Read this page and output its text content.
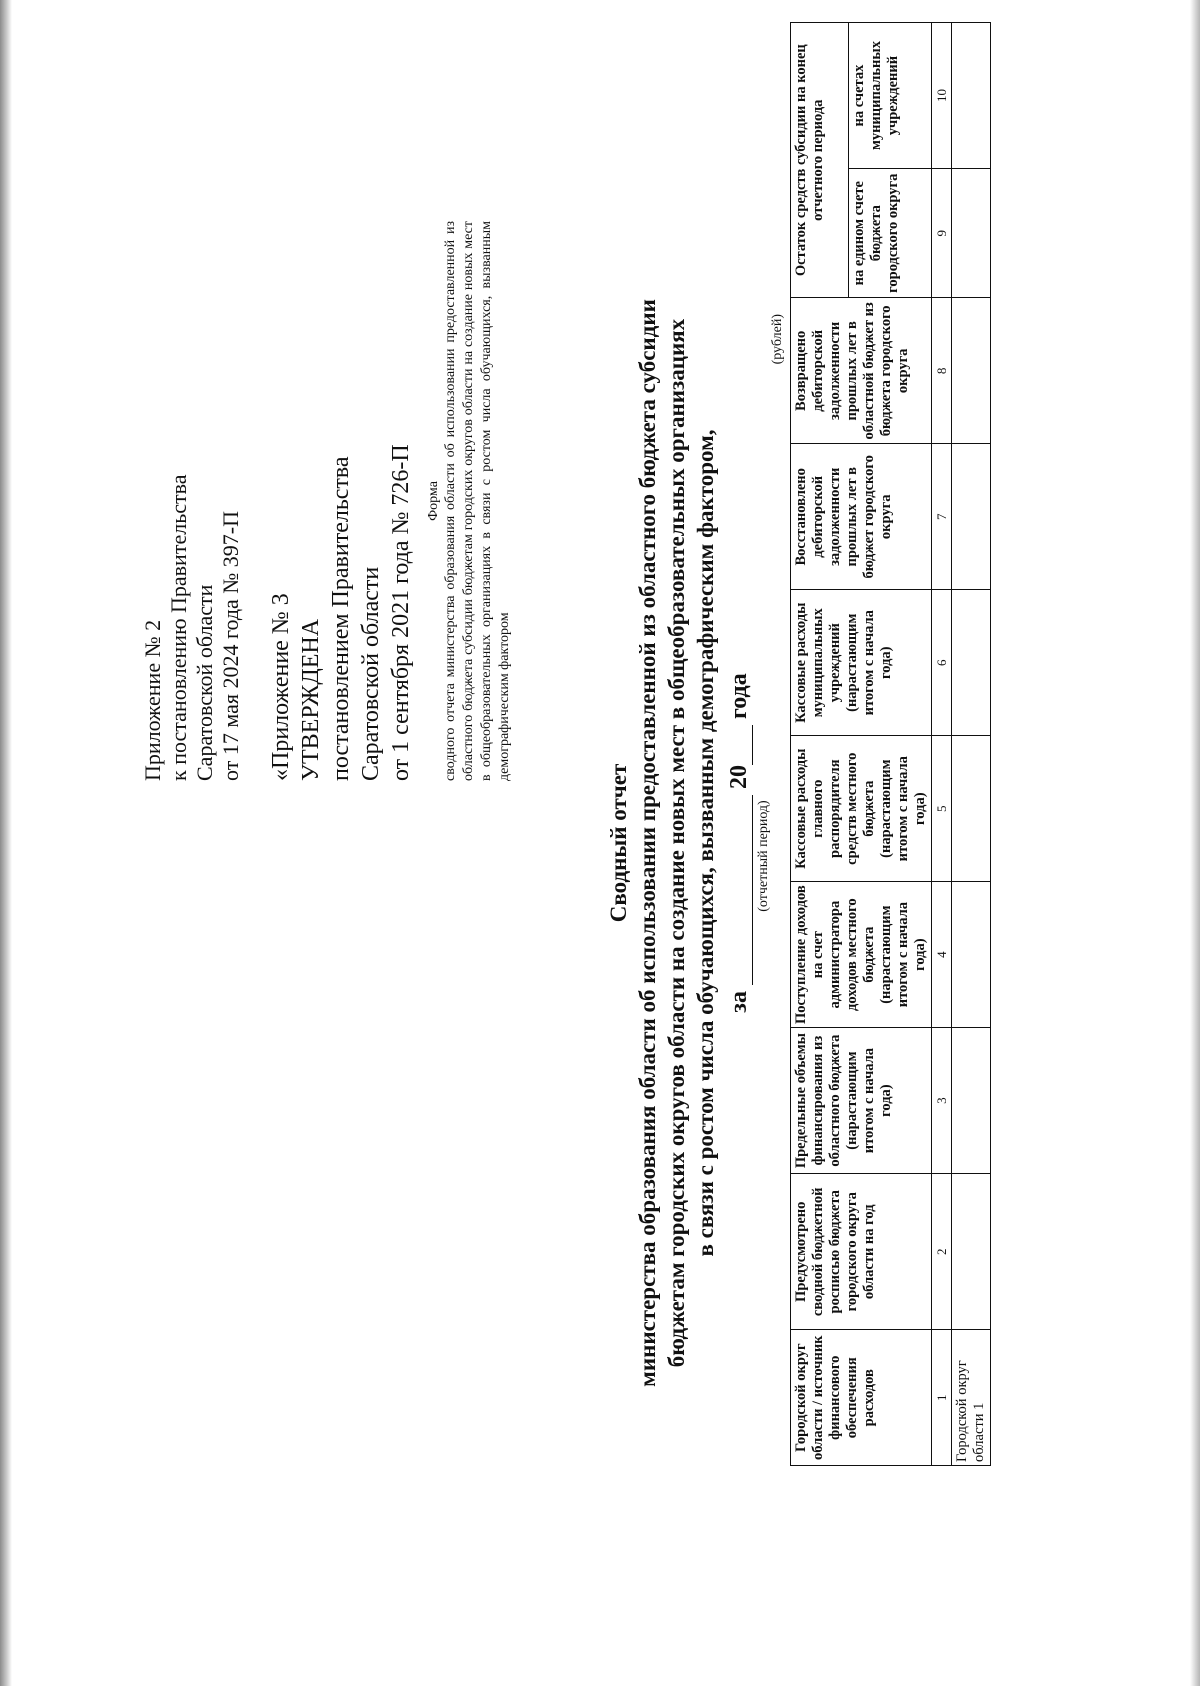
Приложение № 2 к постановлению Правительства Саратовской области от 17 мая 2024 года № 397-П «Приложение № 3 УТВЕРЖДЕНА постановлением Правительства Саратовской области от 1 сентября 2021 года № 726-П Форма сводного отчета министерства образования области об использовании предоставленной из областного бюджета субсидии бюджетам городских округов области на создание новых мест в общеобразовательных организациях в связи с ростом числа обучающихся, вызванным демографическим фактором
Сводный отчет министерства образования области об использовании предоставленной из областного бюджета субсидии бюджетам городских округов области на создание новых мест в общеобразовательных организациях в связи с ростом числа обучающихся, вызванным демографическим фактором, за   20  года
(отчетный период)
(рублей)
Городской округ области / источник финансового обеспечения расходов	Предусмотрено сводной бюджетной росписью бюджета городского округа области на год	Предельные объемы финансирования из областного бюджета (нарастающим итогом с начала года)	Поступление доходов на счет администратора доходов местного бюджета (нарастающим итогом с начала года)	Кассовые расходы главного распорядителя средств местного бюджета (нарастающим итогом с начала года)	Кассовые расходы муниципальных учреждений (нарастающим итогом с начала года)	Восстановлено дебиторской задолженности прошлых лет в бюджет городского округа	Возвращено дебиторской задолженности прошлых лет в областной бюджет из бюджета городского округа	Остаток средств субсидии на конец отчетного периода	
								на едином счете бюджета городского округа	на счетах муниципальных учреждений
1	2	3	4	5	6	7	8	9	10
Городской округ области 1									
